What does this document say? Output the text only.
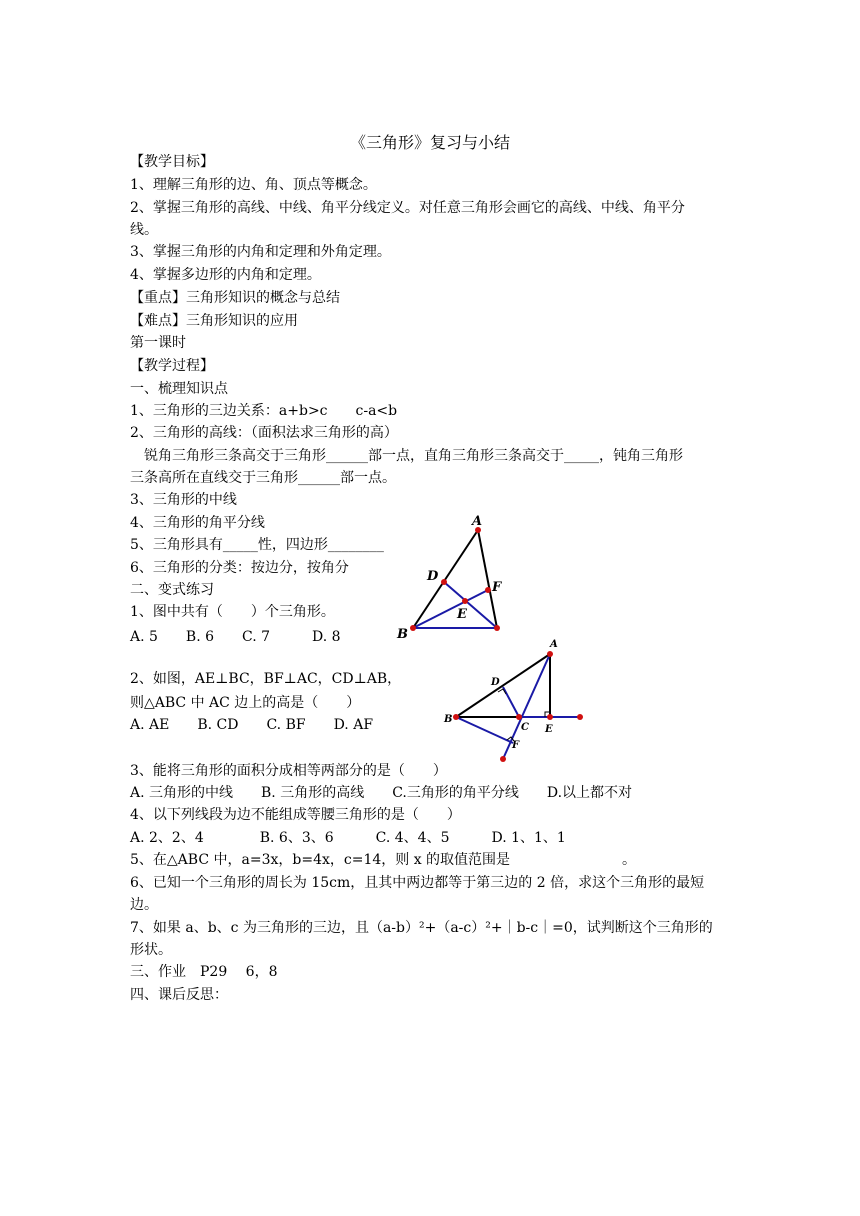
《三角形》复习与小结
【教学目标】
1、理解三角形的边、角、顶点等概念。
2、掌握三角形的高线、中线、角平分线定义。对任意三角形会画它的高线、中线、角平分
线。
3、掌握三角形的内角和定理和外角定理。
4、掌握多边形的内角和定理。
【重点】三角形知识的概念与总结
【难点】三角形知识的应用
第一课时
【教学过程】
一、梳理知识点
1、三角形的三边关系：a+b>c　　c-a<b
2、三角形的高线：（面积法求三角形的高）
　锐角三角形三条高交于三角形______部一点，直角三角形三条高交于_____，钝角三角形
三条高所在直线交于三角形______部一点。
3、三角形的中线
4、三角形的角平分线
5、三角形具有_____性，四边形________
6、三角形的分类：按边分，按角分
二、变式练习
1、图中共有（　　）个三角形。
A. 5　　B. 6　　C. 7　　　D. 8
2、如图，AE⊥BC，BF⊥AC，CD⊥AB，
则△ABC 中 AC 边上的高是（　　）
A. AE　　B. CD　　C. BF　　D. AF
3、能将三角形的面积分成相等两部分的是（　　）
A. 三角形的中线　　B. 三角形的高线　　C.三角形的角平分线　　D.以上都不对
4、以下列线段为边不能组成等腰三角形的是（　　）
A. 2、2、4　　　　B. 6、3、6　　　C. 4、4、5　　　D. 1、1、1
5、在△ABC 中，a=3x，b=4x，c=14，则 x 的取值范围是　　　　　　　　。
6、已知一个三角形的周长为 15cm，且其中两边都等于第三边的 2 倍，求这个三角形的最短
边。
7、如果 a、b、c 为三角形的三边，且（a-b）²+（a-c）²+｜b-c｜=0，试判断这个三角形的
形状。
三、作业　P29　 6，8
四、课后反思：
A
D
F
E
B
A
D
B
C E
F
